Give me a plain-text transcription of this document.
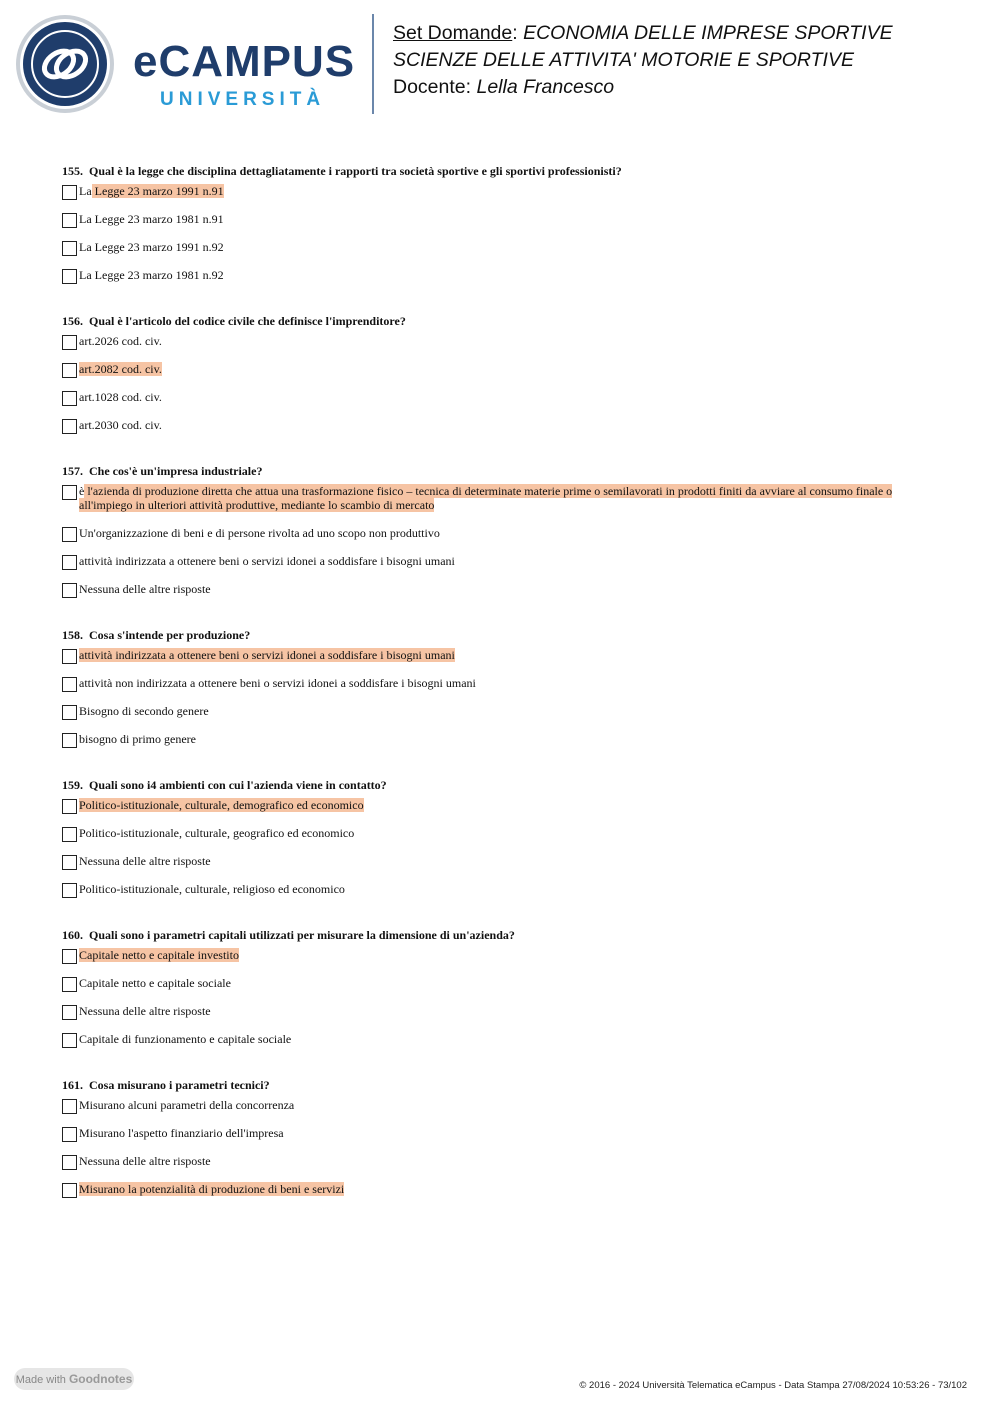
eCAMPUS
UNIVERSITÀ
Set Domande: ECONOMIA DELLE IMPRESE SPORTIVE
SCIENZE DELLE ATTIVITA' MOTORIE E SPORTIVE
Docente: Lella Francesco

155. Qual è la legge che disciplina dettagliatamente i rapporti tra società sportive e gli sportivi professionisti?

La Legge 23 marzo 1991 n.91
La Legge 23 marzo 1981 n.91
La Legge 23 marzo 1991 n.92
La Legge 23 marzo 1981 n.92

156. Qual è l'articolo del codice civile che definisce l'imprenditore?

art.2026 cod. civ.
art.2082 cod. civ.
art.1028 cod. civ.
art.2030 cod. civ.

157. Che cos'è un'impresa industriale?

è l'azienda di produzione diretta che attua una trasformazione fisico – tecnica di determinate materie prime o semilavorati in prodotti finiti da avviare al consumo finale o all'impiego in ulteriori attività produttive, mediante lo scambio di mercato
Un'organizzazione di beni e di persone rivolta ad uno scopo non produttivo
attività indirizzata a ottenere beni o servizi idonei a soddisfare i bisogni umani
Nessuna delle altre risposte

158. Cosa s'intende per produzione?

attività indirizzata a ottenere beni o servizi idonei a soddisfare i bisogni umani
attività non indirizzata a ottenere beni o servizi idonei a soddisfare i bisogni umani
Bisogno di secondo genere
bisogno di primo genere

159. Quali sono i4 ambienti con cui l'azienda viene in contatto?

Politico-istituzionale, culturale, demografico ed economico
Politico-istituzionale, culturale, geografico ed economico
Nessuna delle altre risposte
Politico-istituzionale, culturale, religioso ed economico

160. Quali sono i parametri capitali utilizzati per misurare la dimensione di un'azienda?

Capitale netto e capitale investito
Capitale netto e capitale sociale
Nessuna delle altre risposte
Capitale di funzionamento e capitale sociale

161. Cosa misurano i parametri tecnici?

Misurano alcuni parametri della concorrenza
Misurano l'aspetto finanziario dell'impresa
Nessuna delle altre risposte
Misurano la potenzialità di produzione di beni e servizi
Made with Goodnotes	© 2016 - 2024 Università Telematica eCampus - Data Stampa 27/08/2024 10:53:26 - 73/102
